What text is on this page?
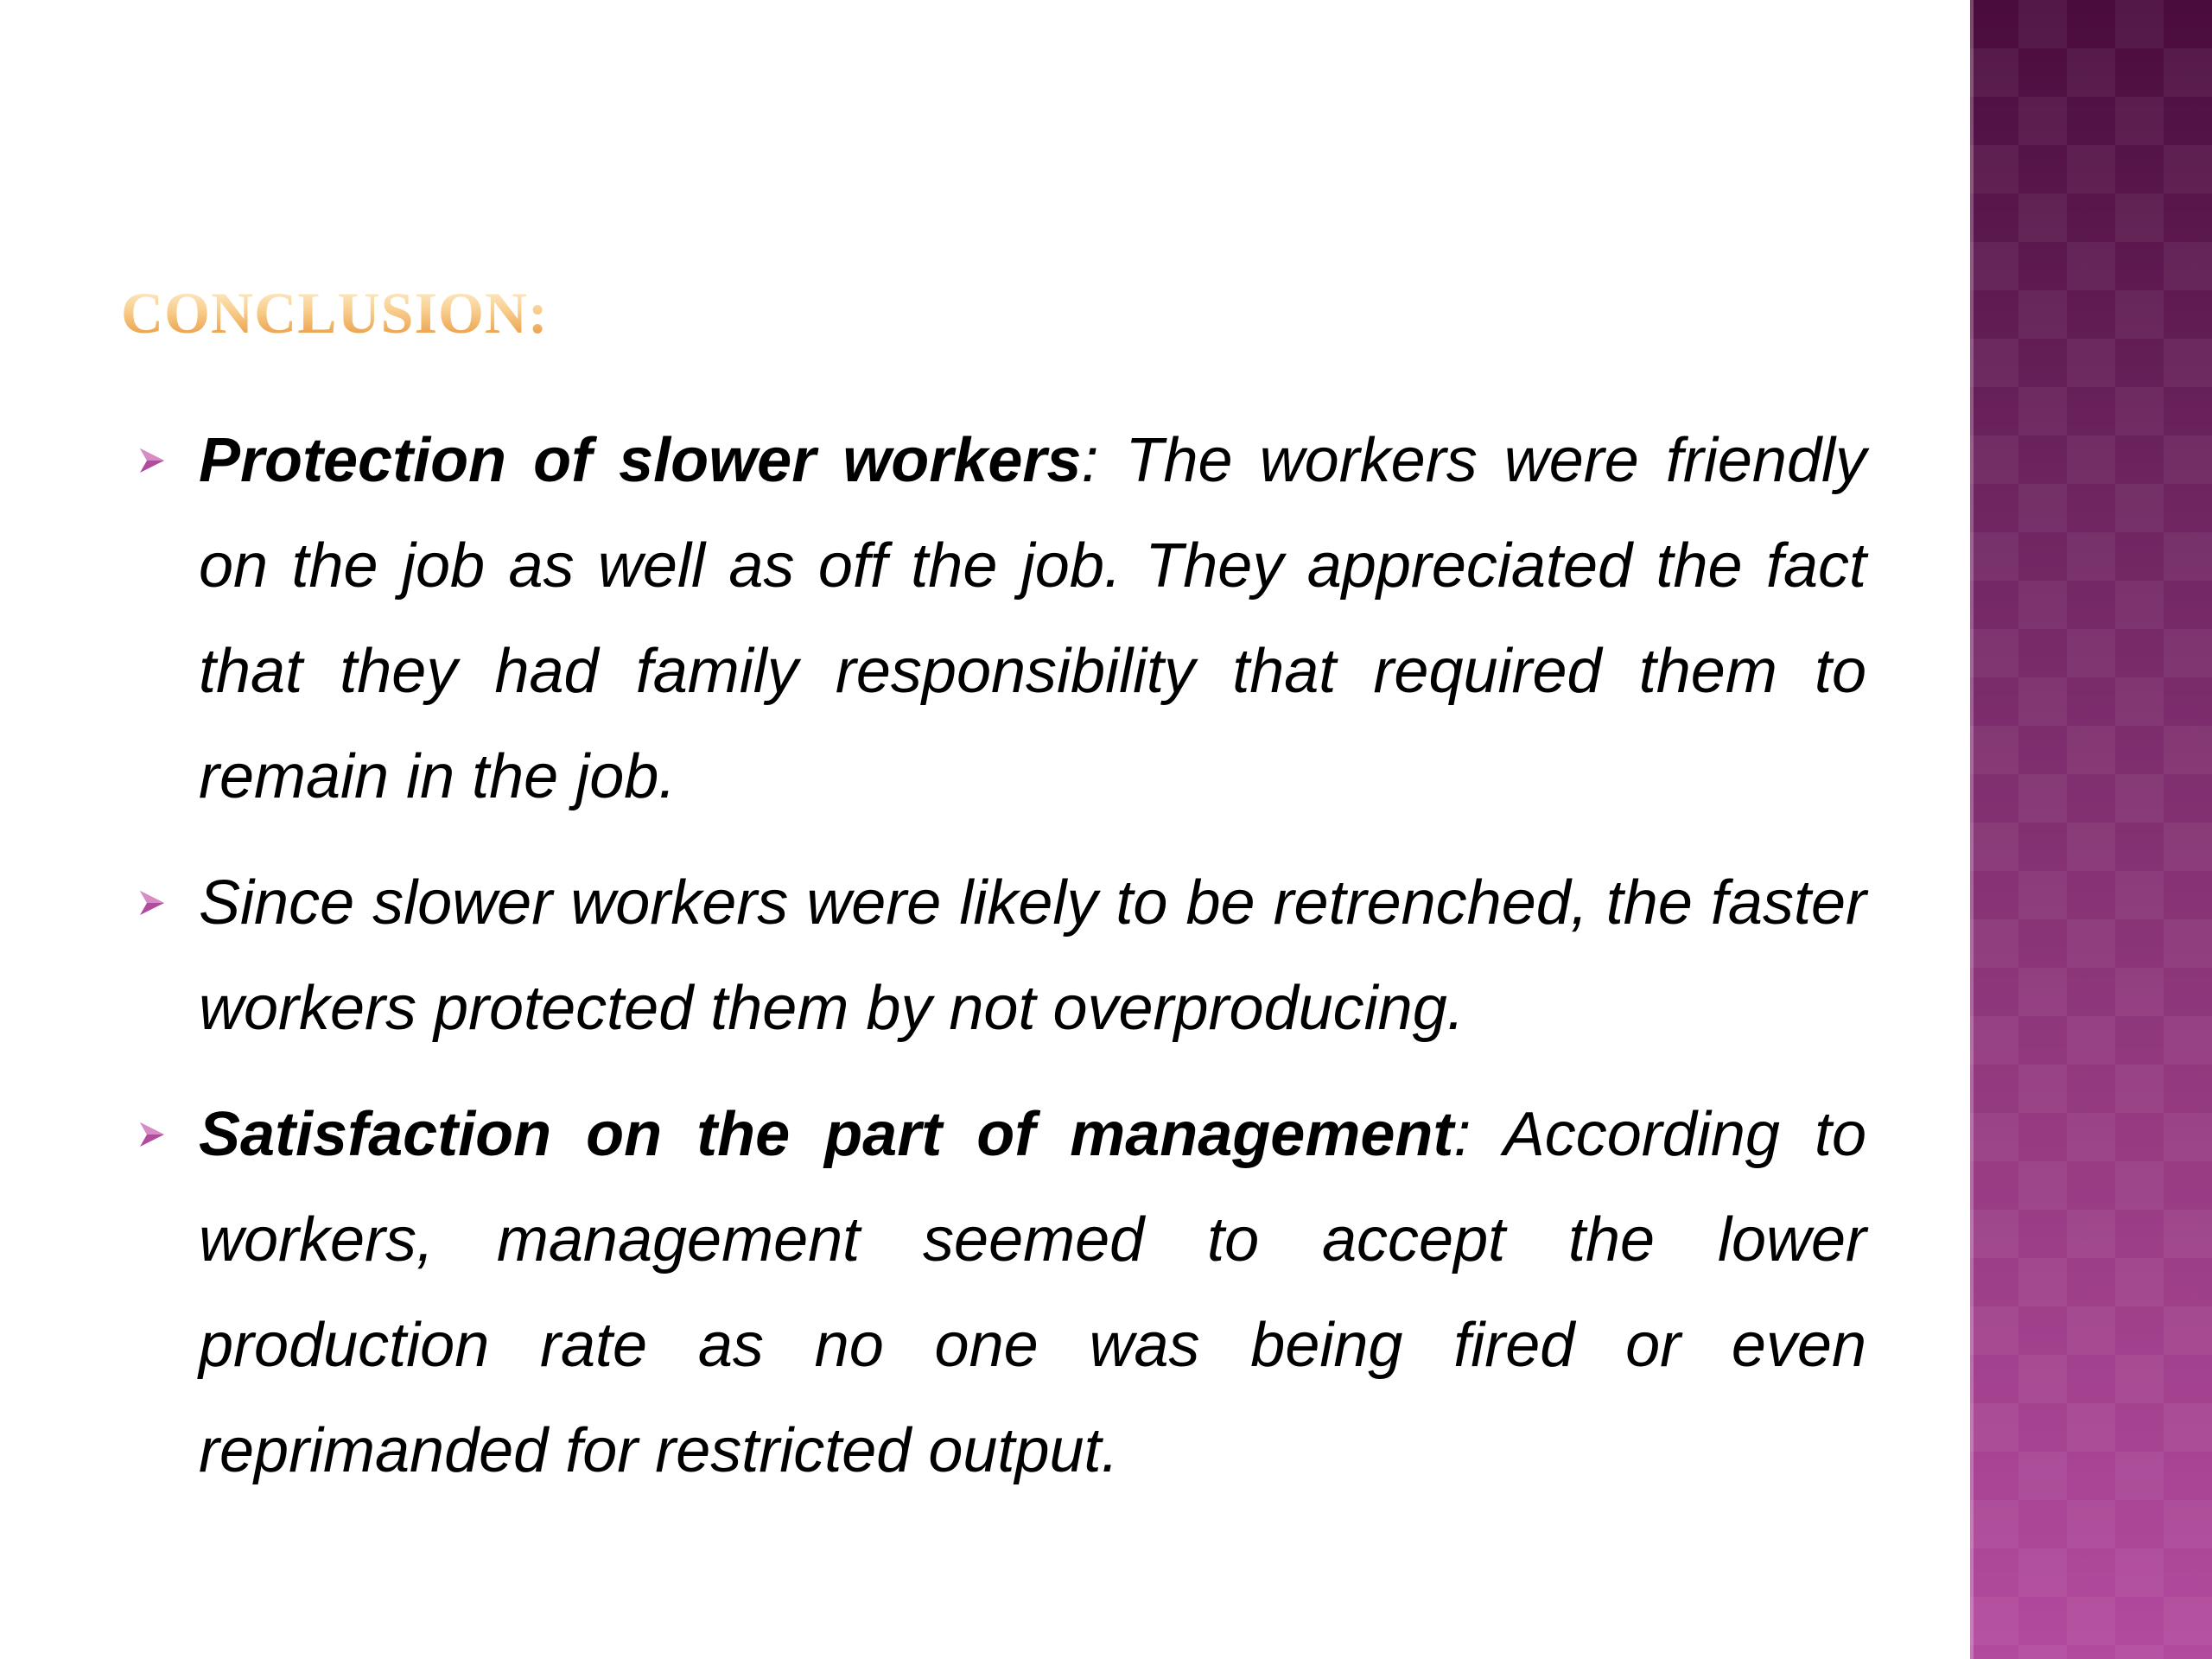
CONCLUSION:
Protection of slower workers: The workers were friendly on the job as well as off the job. They appreciated the fact that they had family responsibility that required them to remain in the job.
Since slower workers were likely to be retrenched, the faster workers protected them by not overproducing.
Satisfaction on the part of management: According to workers, management seemed to accept the lower production rate as no one was being fired or even reprimanded for restricted output.
